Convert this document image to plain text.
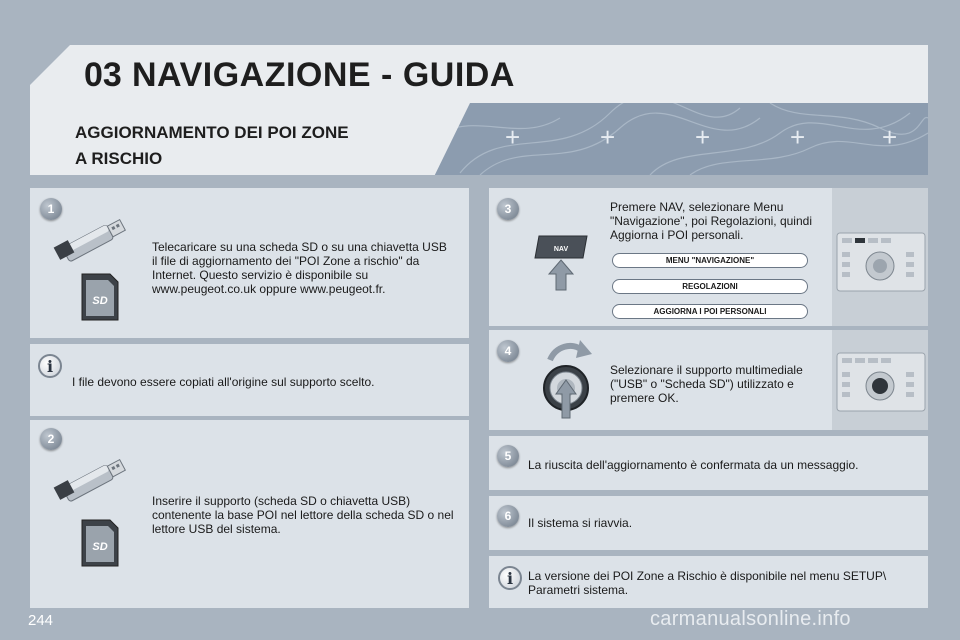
03 NAVIGAZIONE - GUIDA
+	+	+	+	+
AGGIORNAMENTO DEI POI ZONE
A RISCHIO
1
SD
Telecaricare su una scheda SD o su una chiavetta USB il file di aggiornamento dei "POI Zone a rischio" da Internet. Questo servizio è disponibile su www.peugeot.co.uk oppure www.peugeot.fr.
i
I file devono essere copiati all'origine sul supporto scelto.
2
SD
Inserire il supporto (scheda SD o chiavetta USB) contenente la base POI nel lettore della scheda SD o nel lettore USB del sistema.
3
NAV
Premere NAV, selezionare Menu "Navigazione", poi Regolazioni, quindi Aggiorna i POI personali.
MENU "NAVIGAZIONE"
REGOLAZIONI
AGGIORNA I POI PERSONALI
4
Selezionare il supporto multimediale ("USB" o "Scheda SD") utilizzato e premere OK.
5
La riuscita dell'aggiornamento è confermata da un messaggio.
6	Il sistema si riavvia.
i	La versione dei POI Zone a Rischio è disponibile nel menu SETUP\ Parametri sistema.
244	carmanualsonline.info
